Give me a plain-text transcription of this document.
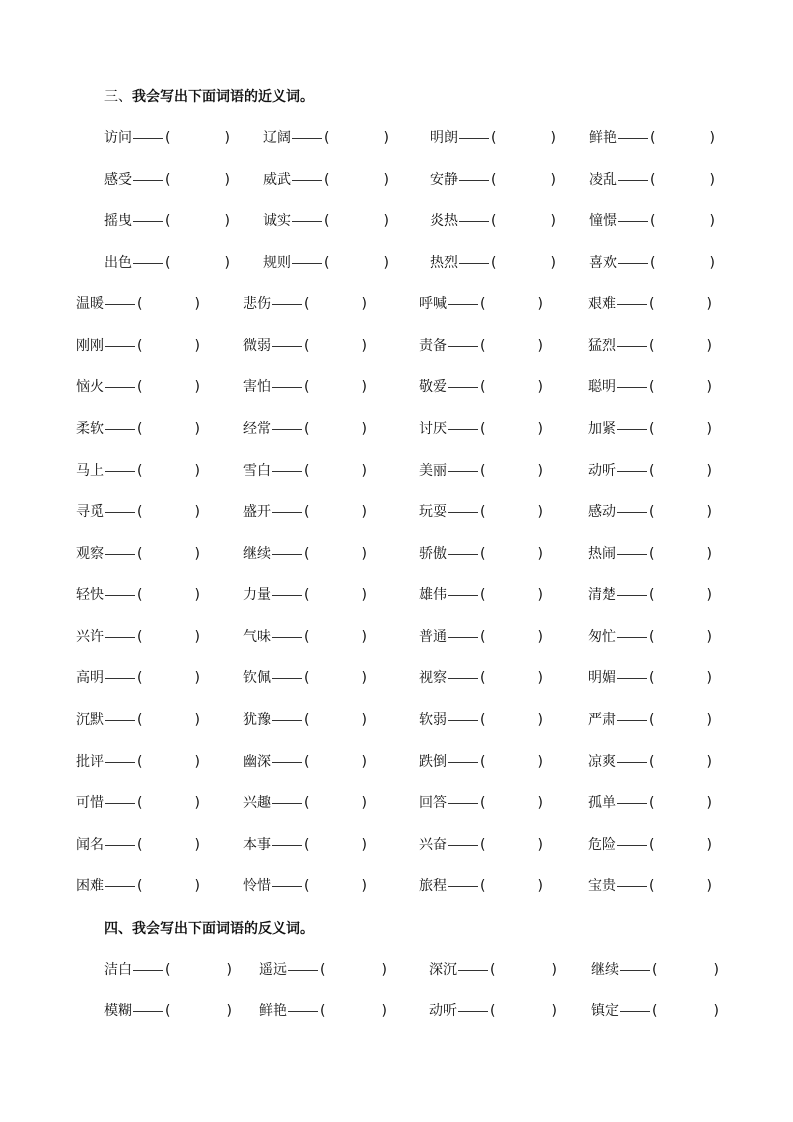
三、我会写出下面词语的近义词。
访问 (	) 辽阔 (	)	明朗 (	) 鲜艳 (	)
感受 (	) 威武 (	)	安静 (	) 凌乱 (	)
摇曳 (	) 诚实 (	)	炎热 (	) 憧憬 (	)
出色 (	) 规则 (	)	热烈 (	) 喜欢 (	)
温暖 (	)	悲伤 (	)	呼喊 (	)	艰难 (	)
刚刚 (	)	微弱 (	)	责备 (	)	猛烈 (	)
恼火 (	)	害怕 (	)	敬爱 (	)	聪明 (	)
柔软 (	)	经常 (	)	讨厌 (	)	加紧 (	)
马上 (	)	雪白 (	)	美丽 (	)	动听 (	)
寻觅 (	)	盛开 (	)	玩耍 (	)	感动 (	)
观察 (	)	继续 (	)	骄傲 (	)	热闹 (	)
轻快 (	)	力量 (	)	雄伟 (	)	清楚 (	)
兴许 (	)	气味 (	)	普通 (	)	匆忙 (	)
高明 (	)	钦佩 (	)	视察 (	)	明媚 (	)
沉默 (	)	犹豫 (	)	软弱 (	)	严肃 (	)
批评 (	)	幽深 (	)	跌倒 (	)	凉爽 (	)
可惜 (	)	兴趣 (	)	回答 (	)	孤单 (	)
闻名 (	)	本事 (	)	兴奋 (	)	危险 (	)
困难 (	)	怜惜 (	)	旅程 (	)	宝贵 (	)
四、我会写出下面词语的反义词。
洁白 (	) 遥远 (	)	深沉 (	) 继续 (	)
模糊 (	) 鲜艳 (	)	动听 (	) 镇定 (	)
